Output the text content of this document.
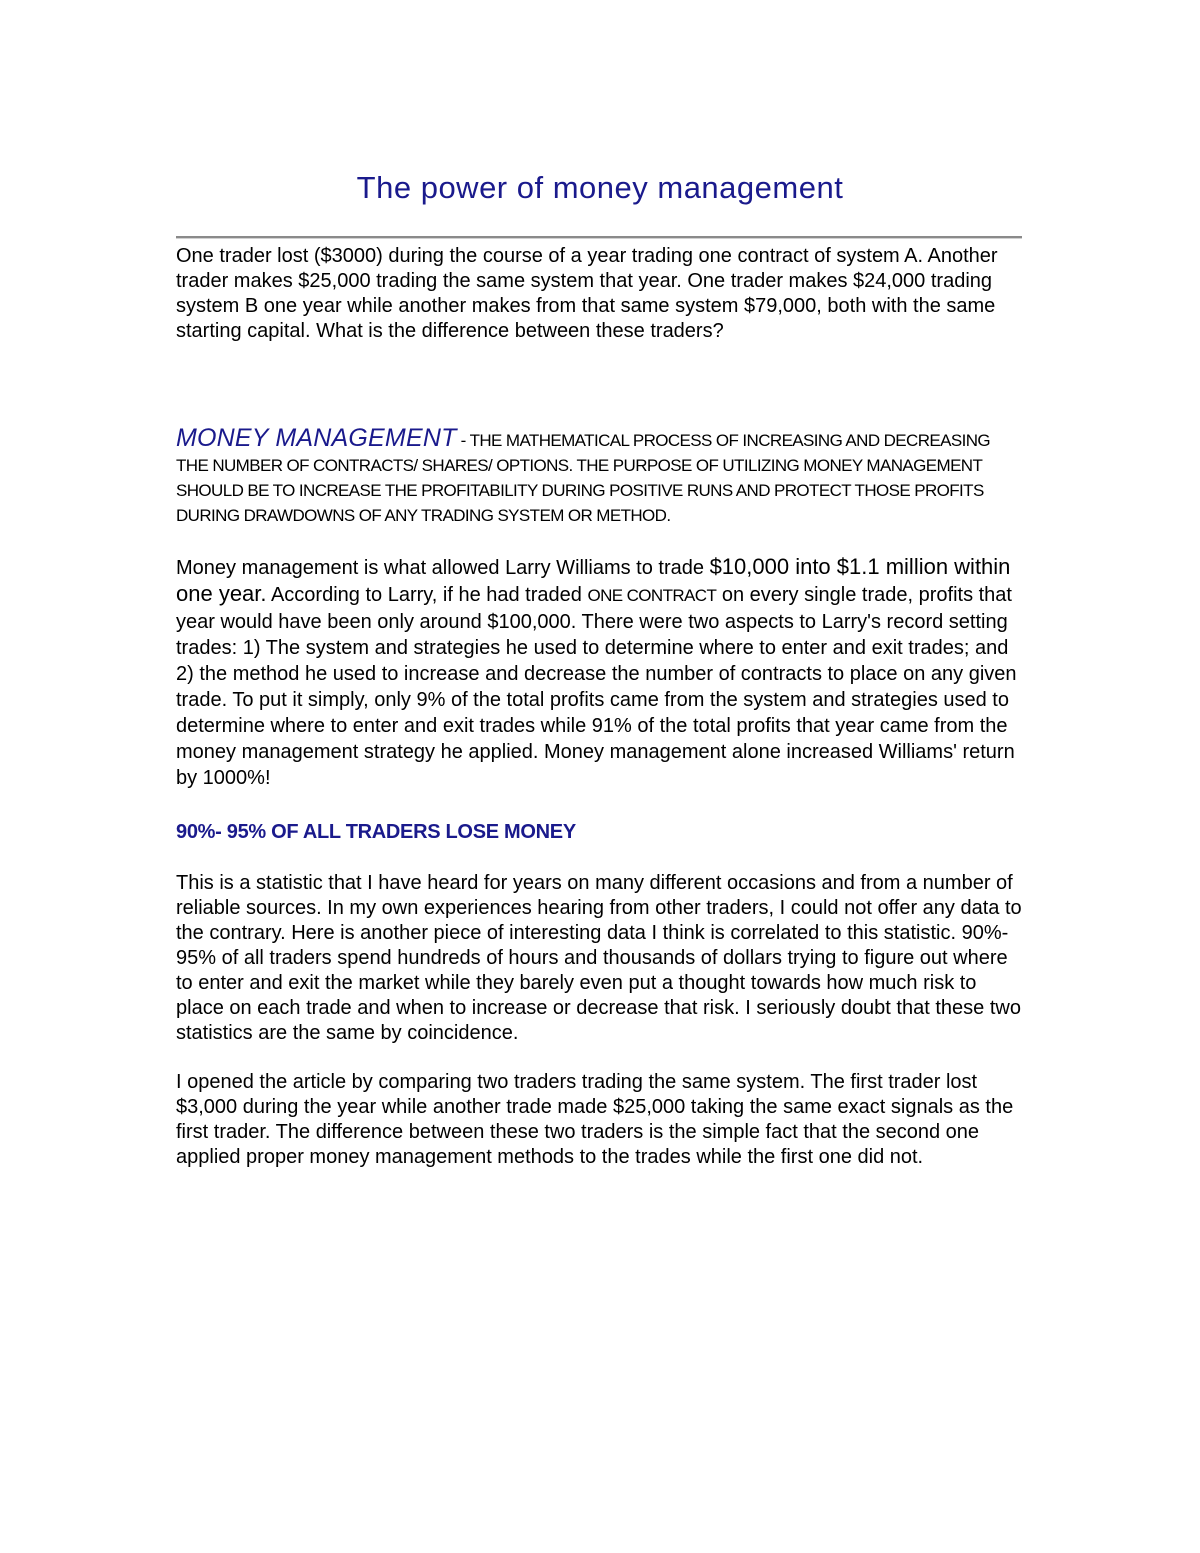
The power of money management

One trader lost ($3000) during the course of a year trading one contract of system A. Another trader makes $25,000 trading the same system that year. One trader makes $24,000 trading system B one year while another makes from that same system $79,000, both with the same starting capital. What is the difference between these traders?

MONEY MANAGEMENT - THE MATHEMATICAL PROCESS OF INCREASING AND DECREASING THE NUMBER OF CONTRACTS/ SHARES/ OPTIONS. THE PURPOSE OF UTILIZING MONEY MANAGEMENT SHOULD BE TO INCREASE THE PROFITABILITY DURING POSITIVE RUNS AND PROTECT THOSE PROFITS DURING DRAWDOWNS OF ANY TRADING SYSTEM OR METHOD.

Money management is what allowed Larry Williams to trade $10,000 into $1.1 million within one year. According to Larry, if he had traded ONE CONTRACT on every single trade, profits that year would have been only around $100,000. There were two aspects to Larry's record setting trades: 1) The system and strategies he used to determine where to enter and exit trades; and 2) the method he used to increase and decrease the number of contracts to place on any given trade. To put it simply, only 9% of the total profits came from the system and strategies used to determine where to enter and exit trades while 91% of the total profits that year came from the money management strategy he applied. Money management alone increased Williams' return by 1000%!

90%- 95% OF ALL TRADERS LOSE MONEY

This is a statistic that I have heard for years on many different occasions and from a number of reliable sources. In my own experiences hearing from other traders, I could not offer any data to the contrary. Here is another piece of interesting data I think is correlated to this statistic. 90%- 95% of all traders spend hundreds of hours and thousands of dollars trying to figure out where to enter and exit the market while they barely even put a thought towards how much risk to place on each trade and when to increase or decrease that risk. I seriously doubt that these two statistics are the same by coincidence.

I opened the article by comparing two traders trading the same system. The first trader lost $3,000 during the year while another trade made $25,000 taking the same exact signals as the first trader. The difference between these two traders is the simple fact that the second one applied proper money management methods to the trades while the first one did not.
